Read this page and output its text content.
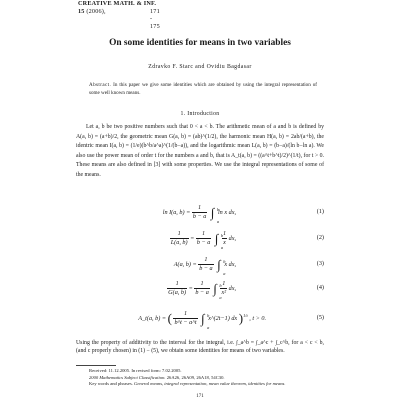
CREATIVE MATH. & INF.
15 (2006),	171 - 175
On some identities for means in two variables
Zdravko F. Starc and Ovidiu Bagdasar
Abstract. In this paper we give some identities which are obtained by using the integral representation of some well known means.
1. Introduction
Let a, b be two positive numbers such that 0 < a < b. The arithmetic mean of a and b is defined by A(a, b) = (a+b)/2, the geometric mean G(a, b) = (ab)^(1/2), the harmonic mean H(a, b) = 2ab/(a+b), the identric mean I(a, b) = (1/e)(b^b/a^a)^(1/(b−a)), and the logarithmic mean L(a, b) = (b−a)/(ln b−ln a). We also use the power mean of order t for the numbers a and b, that is A_t(a, b) = ((a^t+b^t)/2)^(1/t), for t > 0. These means are also defined in [3] with some properties. We use the integral representations of some of the means.
ln I(a, $b) = \frac{1}{b - a}$ ∫ b
a
ln x dx,	(1)
$\frac{1}{L(a, b)} = \frac{1}{b - a}$ ∫ b
a

$\frac{1}{x}$ dx,	(2)
A(a, $b) = \frac{1}{b - a}$ ∫ b
a
x dx,	(3)
$\frac{1}{G(a, b)} = \frac{1}{b - a}$ ∫ b
a

$\frac{1}{\text{x²}}$ dx,	(4)
A_t(a, b) = ( $\frac{1}{b\^{}t - a\^{}t}$ ∫ b
a
x^(2t−1) dx )$^{1/t}$ , t > 0.	(5)
Using the property of additivity to the interval for the integral, i.e. ∫_a^b = ∫_a^c + ∫_c^b, for a < c < b, (and c properly chosen) in (1) − (5), we obtain some identities for means of two variables.
Received: 11.12.2005. In revised form: 7.02.2005.
2000 Mathematics Subject Classification. 26A26, 26A09, 26A18, 54C30.
Key words and phrases. General means, integral representation, mean value theorem, identities for means.
171
